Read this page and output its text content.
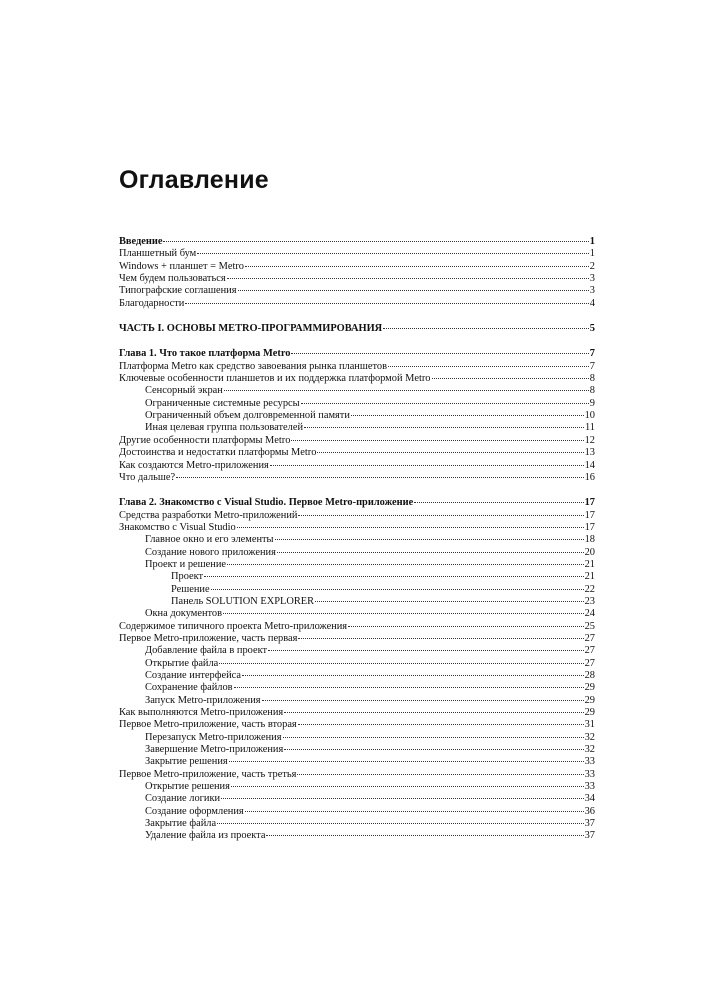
Оглавление
Введение	1
Планшетный бум	1
Windows + планшет = Metro	2
Чем будем пользоваться	3
Типографские соглашения	3
Благодарности	4
ЧАСТЬ I. ОСНОВЫ METRO-ПРОГРАММИРОВАНИЯ	5
Глава 1. Что такое платформа Metro	7
Платформа Metro как средство завоевания рынка планшетов	7
Ключевые особенности планшетов и их поддержка платформой Metro	8
Сенсорный экран	8
Ограниченные системные ресурсы	9
Ограниченный объем долговременной памяти	10
Иная целевая группа пользователей	11
Другие особенности платформы Metro	12
Достоинства и недостатки платформы Metro	13
Как создаются Metro-приложения	14
Что дальше?	16
Глава 2. Знакомство с Visual Studio. Первое Metro-приложение	17
Средства разработки Metro-приложений	17
Знакомство с Visual Studio	17
Главное окно и его элементы	18
Создание нового приложения	20
Проект и решение	21
Проект	21
Решение	22
Панель SOLUTION EXPLORER	23
Окна документов	24
Содержимое типичного проекта Metro-приложения	25
Первое Metro-приложение, часть первая	27
Добавление файла в проект	27
Открытие файла	27
Создание интерфейса	28
Сохранение файлов	29
Запуск Metro-приложения	29
Как выполняются Metro-приложения	29
Первое Metro-приложение, часть вторая	31
Перезапуск Metro-приложения	32
Завершение Metro-приложения	32
Закрытие решения	33
Первое Metro-приложение, часть третья	33
Открытие решения	33
Создание логики	34
Создание оформления	36
Закрытие файла	37
Удаление файла из проекта	37
